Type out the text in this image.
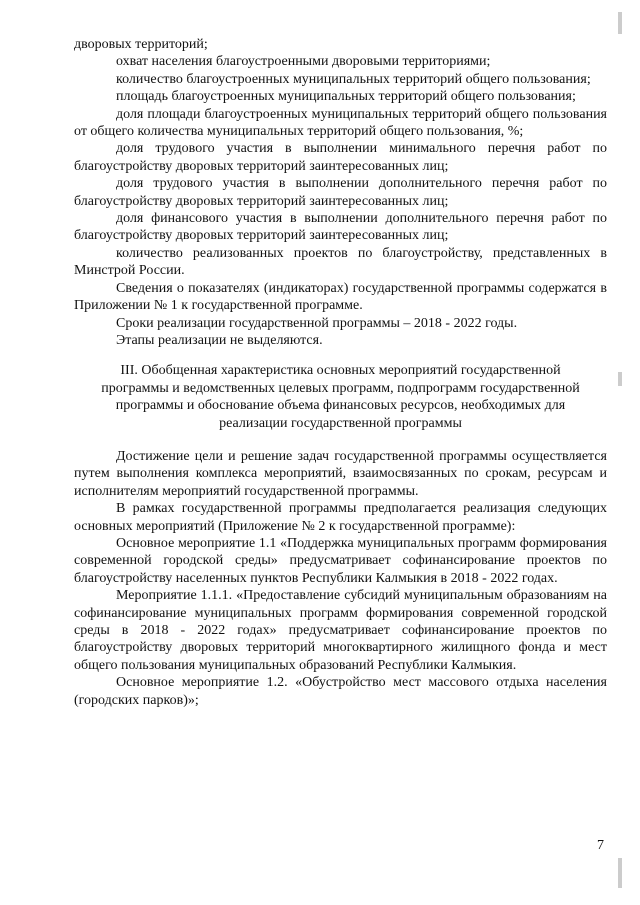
дворовых территорий;

охват населения благоустроенными дворовыми территориями;

количество благоустроенных муниципальных территорий общего пользования;

площадь благоустроенных муниципальных территорий общего пользования;

доля площади благоустроенных муниципальных территорий общего пользования от общего количества муниципальных территорий общего пользования, %;

доля трудового участия в выполнении минимального перечня работ по благоустройству дворовых территорий заинтересованных лиц;

доля трудового участия в выполнении дополнительного перечня работ по благоустройству дворовых территорий заинтересованных лиц;

доля финансового участия в выполнении дополнительного перечня работ по благоустройству дворовых территорий заинтересованных лиц;

количество реализованных проектов по благоустройству, представленных в Минстрой России.

Сведения о показателях (индикаторах) государственной программы содержатся в Приложении № 1 к государственной программе.

Сроки реализации государственной программы – 2018 - 2022 годы.

Этапы реализации не выделяются.

III. Обобщенная характеристика основных мероприятий государственной
программы и ведомственных целевых программ, подпрограмм государственной
программы и обоснование объема финансовых ресурсов, необходимых для
реализации государственной программы

Достижение цели и решение задач государственной программы осуществляется путем выполнения комплекса мероприятий, взаимосвязанных по срокам, ресурсам и исполнителям мероприятий государственной программы.

В рамках государственной программы предполагается реализация следующих основных мероприятий (Приложение № 2 к государственной программе):

Основное мероприятие 1.1 «Поддержка муниципальных программ формирования современной городской среды» предусматривает софинансирование проектов по благоустройству населенных пунктов Республики Калмыкия в 2018 - 2022 годах.

Мероприятие 1.1.1. «Предоставление субсидий муниципальным образованиям на софинансирование муниципальных программ формирования современной городской среды в 2018 - 2022 годах» предусматривает софинансирование проектов по благоустройству дворовых территорий многоквартирного жилищного фонда и мест общего пользования муниципальных образований Республики Калмыкия.

Основное мероприятие 1.2. «Обустройство мест массового отдыха населения (городских парков)»;

7
